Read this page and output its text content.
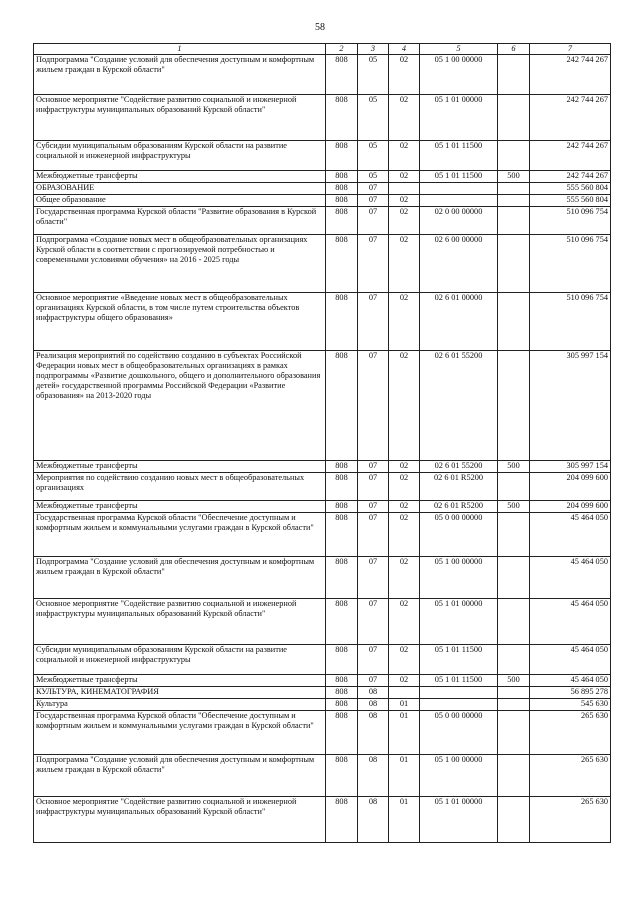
58
1	2	3	4	5	6	7
Подпрограмма "Создание условий для обеспечения доступным и комфортным жильем граждан в Курской области"	808	05	02	05 1 00 00000		242 744 267
Основное мероприятие "Содействие развитию социальной и инженерной инфраструктуры муниципальных образований Курской области"	808	05	02	05 1 01 00000		242 744 267
Субсидии муниципальным образованиям Курской области на развитие социальной и инженерной инфраструктуры	808	05	02	05 1 01 11500		242 744 267
Межбюджетные трансферты	808	05	02	05 1 01 11500	500	242 744 267
ОБРАЗОВАНИЕ	808	07				555 560 804
Общее образование	808	07	02			555 560 804
Государственная программа Курской области "Развитие образования в Курской области"	808	07	02	02 0 00 00000		510 096 754
Подпрограмма «Создание новых мест в общеобразовательных организациях Курской области в соответствии с прогнозируемой потребностью и современными условиями обучения» на 2016 - 2025 годы	808	07	02	02 6 00 00000		510 096 754
Основное мероприятие «Введение новых мест в общеобразовательных организациях Курской области, в том числе путем строительства объектов инфраструктуры общего образования»	808	07	02	02 6 01 00000		510 096 754
Реализация мероприятий по содействию созданию в субъектах Российской Федерации новых мест в общеобразовательных организациях в рамках подпрограммы «Развитие дошкольного, общего и дополнительного образования детей» государственной программы Российской Федерации «Развитие образования» на 2013-2020 годы	808	07	02	02 6 01 55200		305 997 154
Межбюджетные трансферты	808	07	02	02 6 01 55200	500	305 997 154
Мероприятия по содействию созданию новых мест в общеобразовательных организациях	808	07	02	02 6 01 R5200		204 099 600
Межбюджетные трансферты	808	07	02	02 6 01 R5200	500	204 099 600
Государственная программа Курской области "Обеспечение доступным и комфортным жильем и коммунальными услугами граждан в Курской области"	808	07	02	05 0 00 00000		45 464 050
Подпрограмма "Создание условий для обеспечения доступным и комфортным жильем граждан в Курской области"	808	07	02	05 1 00 00000		45 464 050
Основное мероприятие "Содействие развитию социальной и инженерной инфраструктуры муниципальных образований Курской области"	808	07	02	05 1 01 00000		45 464 050
Субсидии муниципальным образованиям Курской области на развитие социальной и инженерной инфраструктуры	808	07	02	05 1 01 11500		45 464 050
Межбюджетные трансферты	808	07	02	05 1 01 11500	500	45 464 050
КУЛЬТУРА, КИНЕМАТОГРАФИЯ	808	08				56 895 278
Культура	808	08	01			545 630
Государственная программа Курской области "Обеспечение доступным и комфортным жильем и коммунальными услугами граждан в Курской области"	808	08	01	05 0 00 00000		265 630
Подпрограмма "Создание условий для обеспечения доступным и комфортным жильем граждан в Курской области"	808	08	01	05 1 00 00000		265 630
Основное мероприятие "Содействие развитию социальной и инженерной инфраструктуры муниципальных образований Курской области"	808	08	01	05 1 01 00000		265 630
